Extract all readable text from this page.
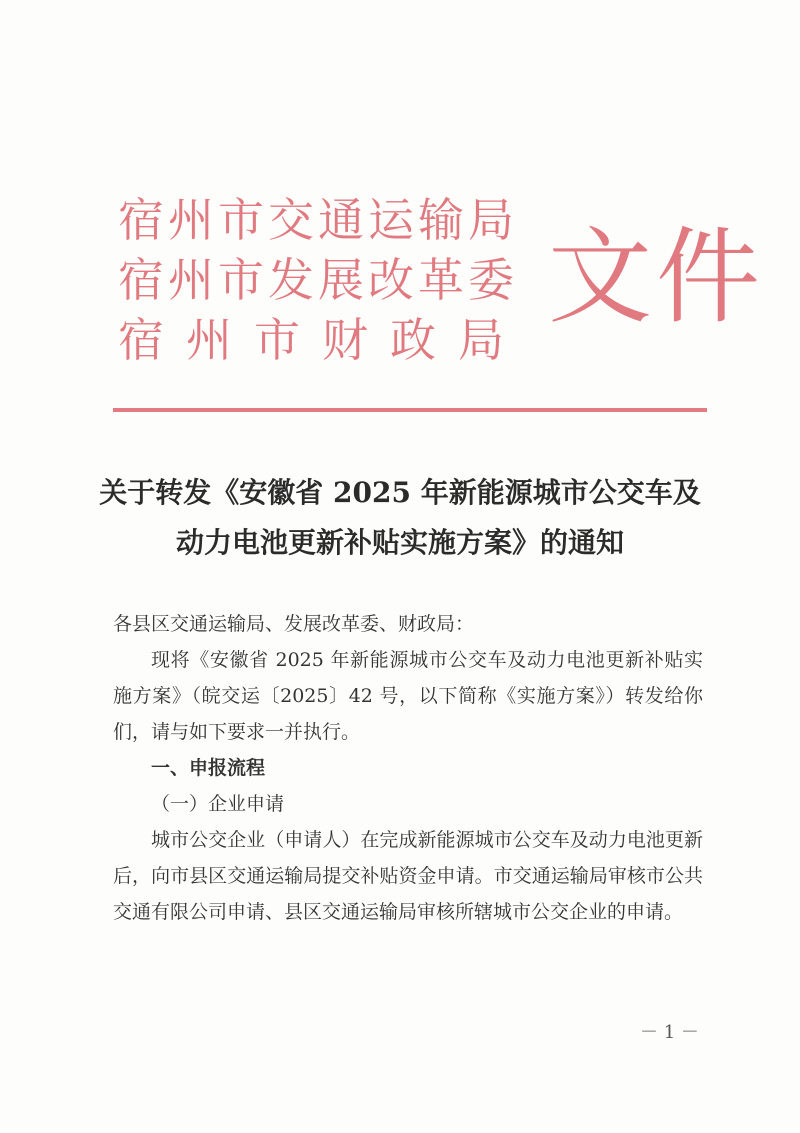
宿州市交通运输局
宿州市发展改革委
宿州市财政局
文件
关于转发《安徽省 2025 年新能源城市公交车及
动力电池更新补贴实施方案》的通知

各县区交通运输局、发展改革委、财政局：

现将《安徽省 2025 年新能源城市公交车及动力电池更新补贴实施方案》（皖交运〔2025〕42 号，以下简称《实施方案》）转发给你们，请与如下要求一并执行。

一、申报流程

（一）企业申请

城市公交企业（申请人）在完成新能源城市公交车及动力电池更新后，向市县区交通运输局提交补贴资金申请。市交通运输局审核市公共交通有限公司申请、县区交通运输局审核所辖城市公交企业的申请。

－ 1 －
